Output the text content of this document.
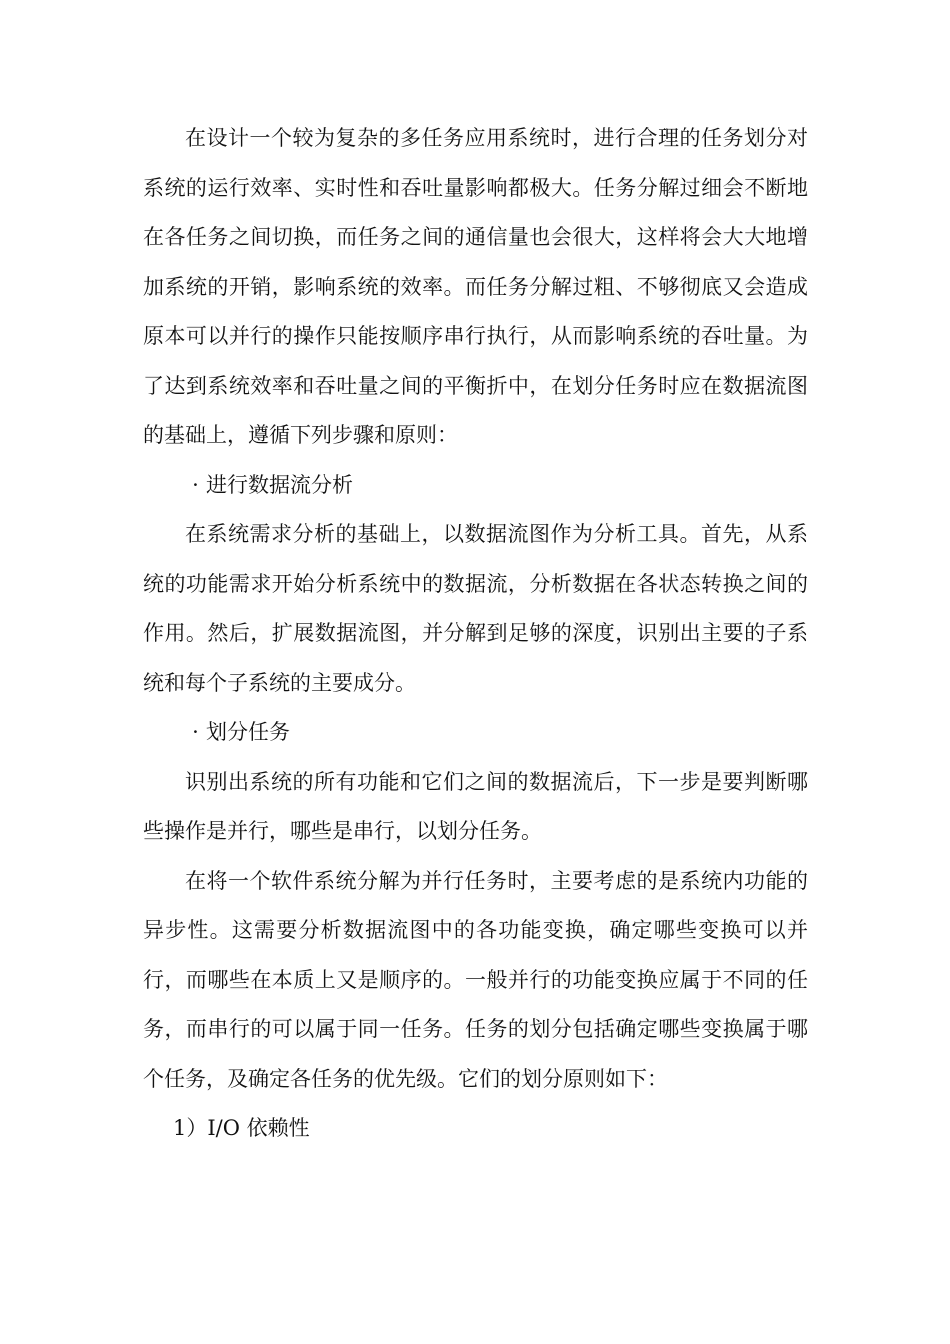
在设计一个较为复杂的多任务应用系统时，进行合理的任务划分对系统的运行效率、实时性和吞吐量影响都极大。任务分解过细会不断地在各任务之间切换，而任务之间的通信量也会很大，这样将会大大地增加系统的开销，影响系统的效率。而任务分解过粗、不够彻底又会造成原本可以并行的操作只能按顺序串行执行，从而影响系统的吞吐量。为了达到系统效率和吞吐量之间的平衡折中，在划分任务时应在数据流图的基础上，遵循下列步骤和原则：

· 进行数据流分析

在系统需求分析的基础上，以数据流图作为分析工具。首先，从系统的功能需求开始分析系统中的数据流，分析数据在各状态转换之间的作用。然后，扩展数据流图，并分解到足够的深度，识别出主要的子系统和每个子系统的主要成分。

· 划分任务

识别出系统的所有功能和它们之间的数据流后，下一步是要判断哪些操作是并行，哪些是串行，以划分任务。

在将一个软件系统分解为并行任务时，主要考虑的是系统内功能的异步性。这需要分析数据流图中的各功能变换，确定哪些变换可以并行，而哪些在本质上又是顺序的。一般并行的功能变换应属于不同的任务，而串行的可以属于同一任务。任务的划分包括确定哪些变换属于哪个任务，及确定各任务的优先级。它们的划分原则如下：

1）I/O 依赖性
